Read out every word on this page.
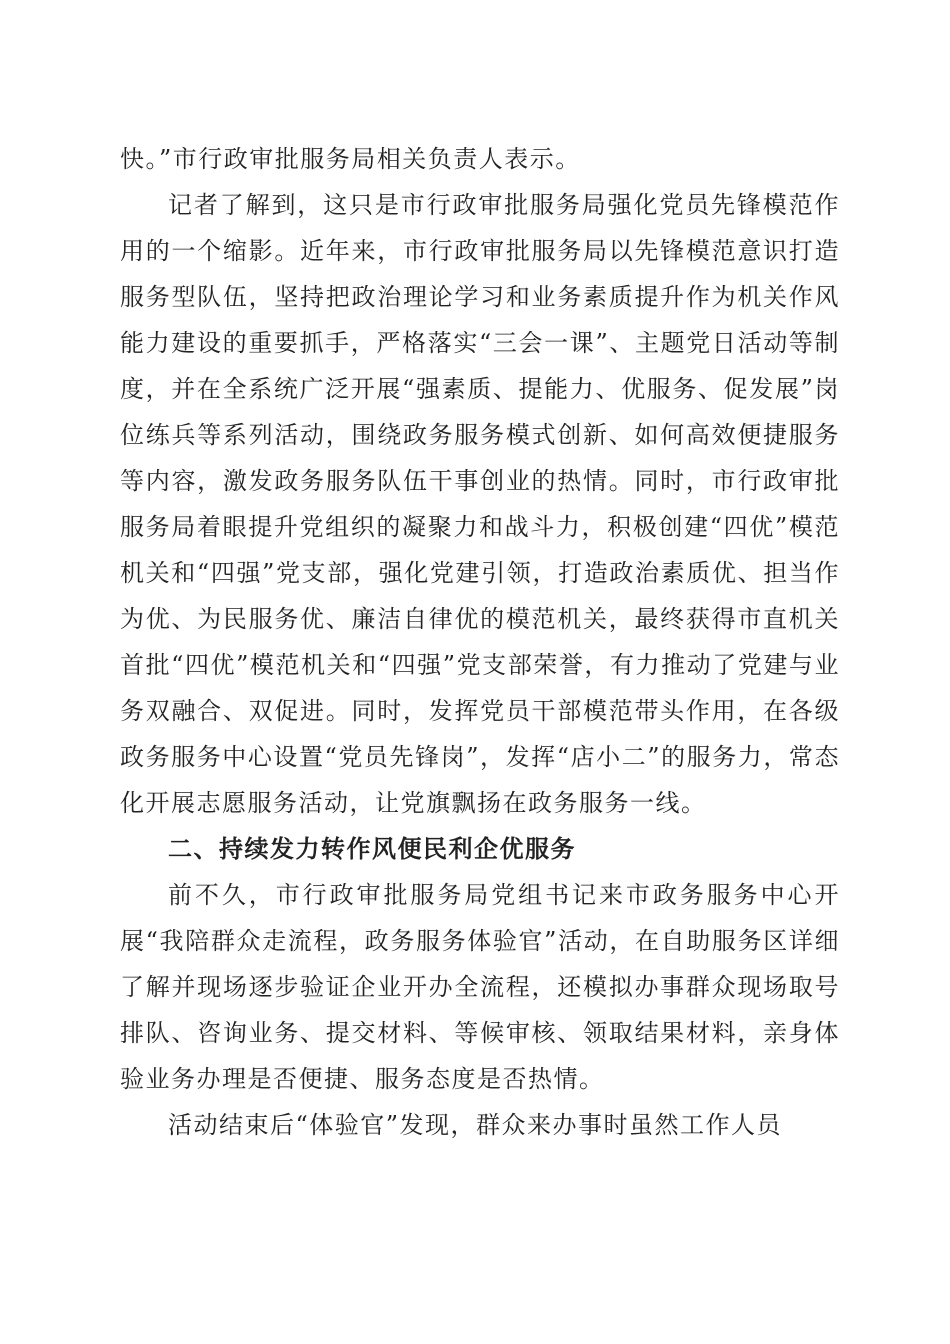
快。”市行政审批服务局相关负责人表示。

记者了解到，这只是市行政审批服务局强化党员先锋模范作用的一个缩影。近年来，市行政审批服务局以先锋模范意识打造服务型队伍，坚持把政治理论学习和业务素质提升作为机关作风能力建设的重要抓手，严格落实“三会一课”、主题党日活动等制度，并在全系统广泛开展“强素质、提能力、优服务、促发展”岗位练兵等系列活动，围绕政务服务模式创新、如何高效便捷服务等内容，激发政务服务队伍干事创业的热情。同时，市行政审批服务局着眼提升党组织的凝聚力和战斗力，积极创建“四优”模范机关和“四强”党支部，强化党建引领，打造政治素质优、担当作为优、为民服务优、廉洁自律优的模范机关，最终获得市直机关首批“四优”模范机关和“四强”党支部荣誉，有力推动了党建与业务双融合、双促进。同时，发挥党员干部模范带头作用，在各级政务服务中心设置“党员先锋岗”，发挥“店小二”的服务力，常态化开展志愿服务活动，让党旗飘扬在政务服务一线。

二、持续发力转作风便民利企优服务

前不久，市行政审批服务局党组书记来市政务服务中心开展“我陪群众走流程，政务服务体验官”活动，在自助服务区详细了解并现场逐步验证企业开办全流程，还模拟办事群众现场取号排队、咨询业务、提交材料、等候审核、领取结果材料，亲身体验业务办理是否便捷、服务态度是否热情。

活动结束后“体验官”发现，群众来办事时虽然工作人员
